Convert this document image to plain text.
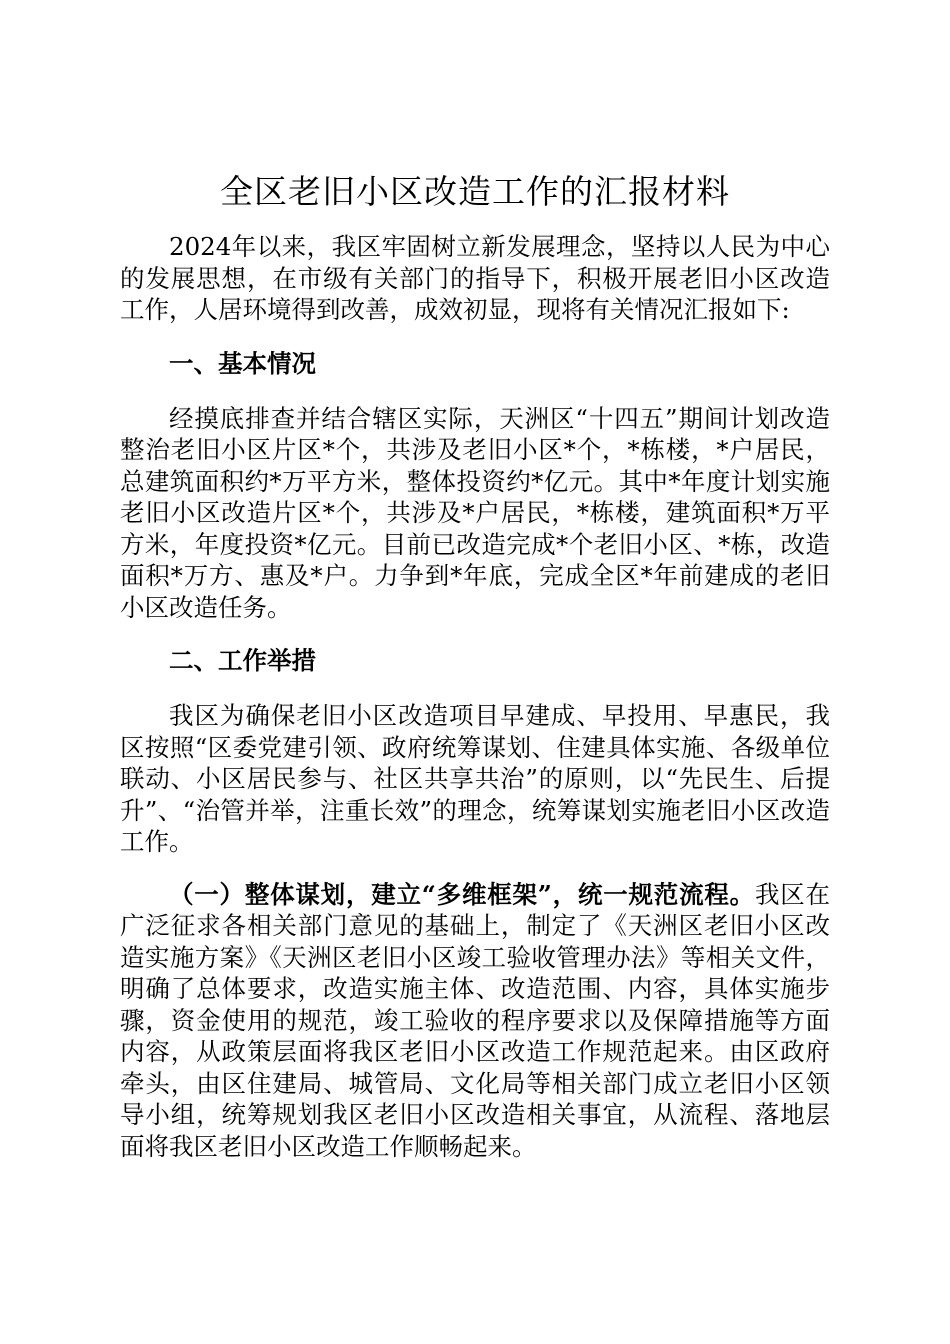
全区老旧小区改造工作的汇报材料

2024年以来，我区牢固树立新发展理念，坚持以人民为中心的发展思想，在市级有关部门的指导下，积极开展老旧小区改造工作，人居环境得到改善，成效初显，现将有关情况汇报如下:

一、基本情况

经摸底排查并结合辖区实际，天洲区“十四五”期间计划改造整治老旧小区片区*个，共涉及老旧小区*个，*栋楼，*户居民，总建筑面积约*万平方米，整体投资约*亿元。其中*年度计划实施老旧小区改造片区*个，共涉及*户居民，*栋楼，建筑面积*万平方米，年度投资*亿元。目前已改造完成*个老旧小区、*栋，改造面积*万方、惠及*户。力争到*年底，完成全区*年前建成的老旧小区改造任务。

二、工作举措

我区为确保老旧小区改造项目早建成、早投用、早惠民，我区按照“区委党建引领、政府统筹谋划、住建具体实施、各级单位联动、小区居民参与、社区共享共治”的原则，以“先民生、后提升”、“治管并举，注重长效”的理念，统筹谋划实施老旧小区改造工作。

（一）整体谋划，建立“多维框架”，统一规范流程。我区在广泛征求各相关部门意见的基础上，制定了《天洲区老旧小区改造实施方案》《天洲区老旧小区竣工验收管理办法》等相关文件，明确了总体要求，改造实施主体、改造范围、内容，具体实施步骤，资金使用的规范，竣工验收的程序要求以及保障措施等方面内容，从政策层面将我区老旧小区改造工作规范起来。由区政府牵头，由区住建局、城管局、文化局等相关部门成立老旧小区领导小组，统筹规划我区老旧小区改造相关事宜，从流程、落地层面将我区老旧小区改造工作顺畅起来。
